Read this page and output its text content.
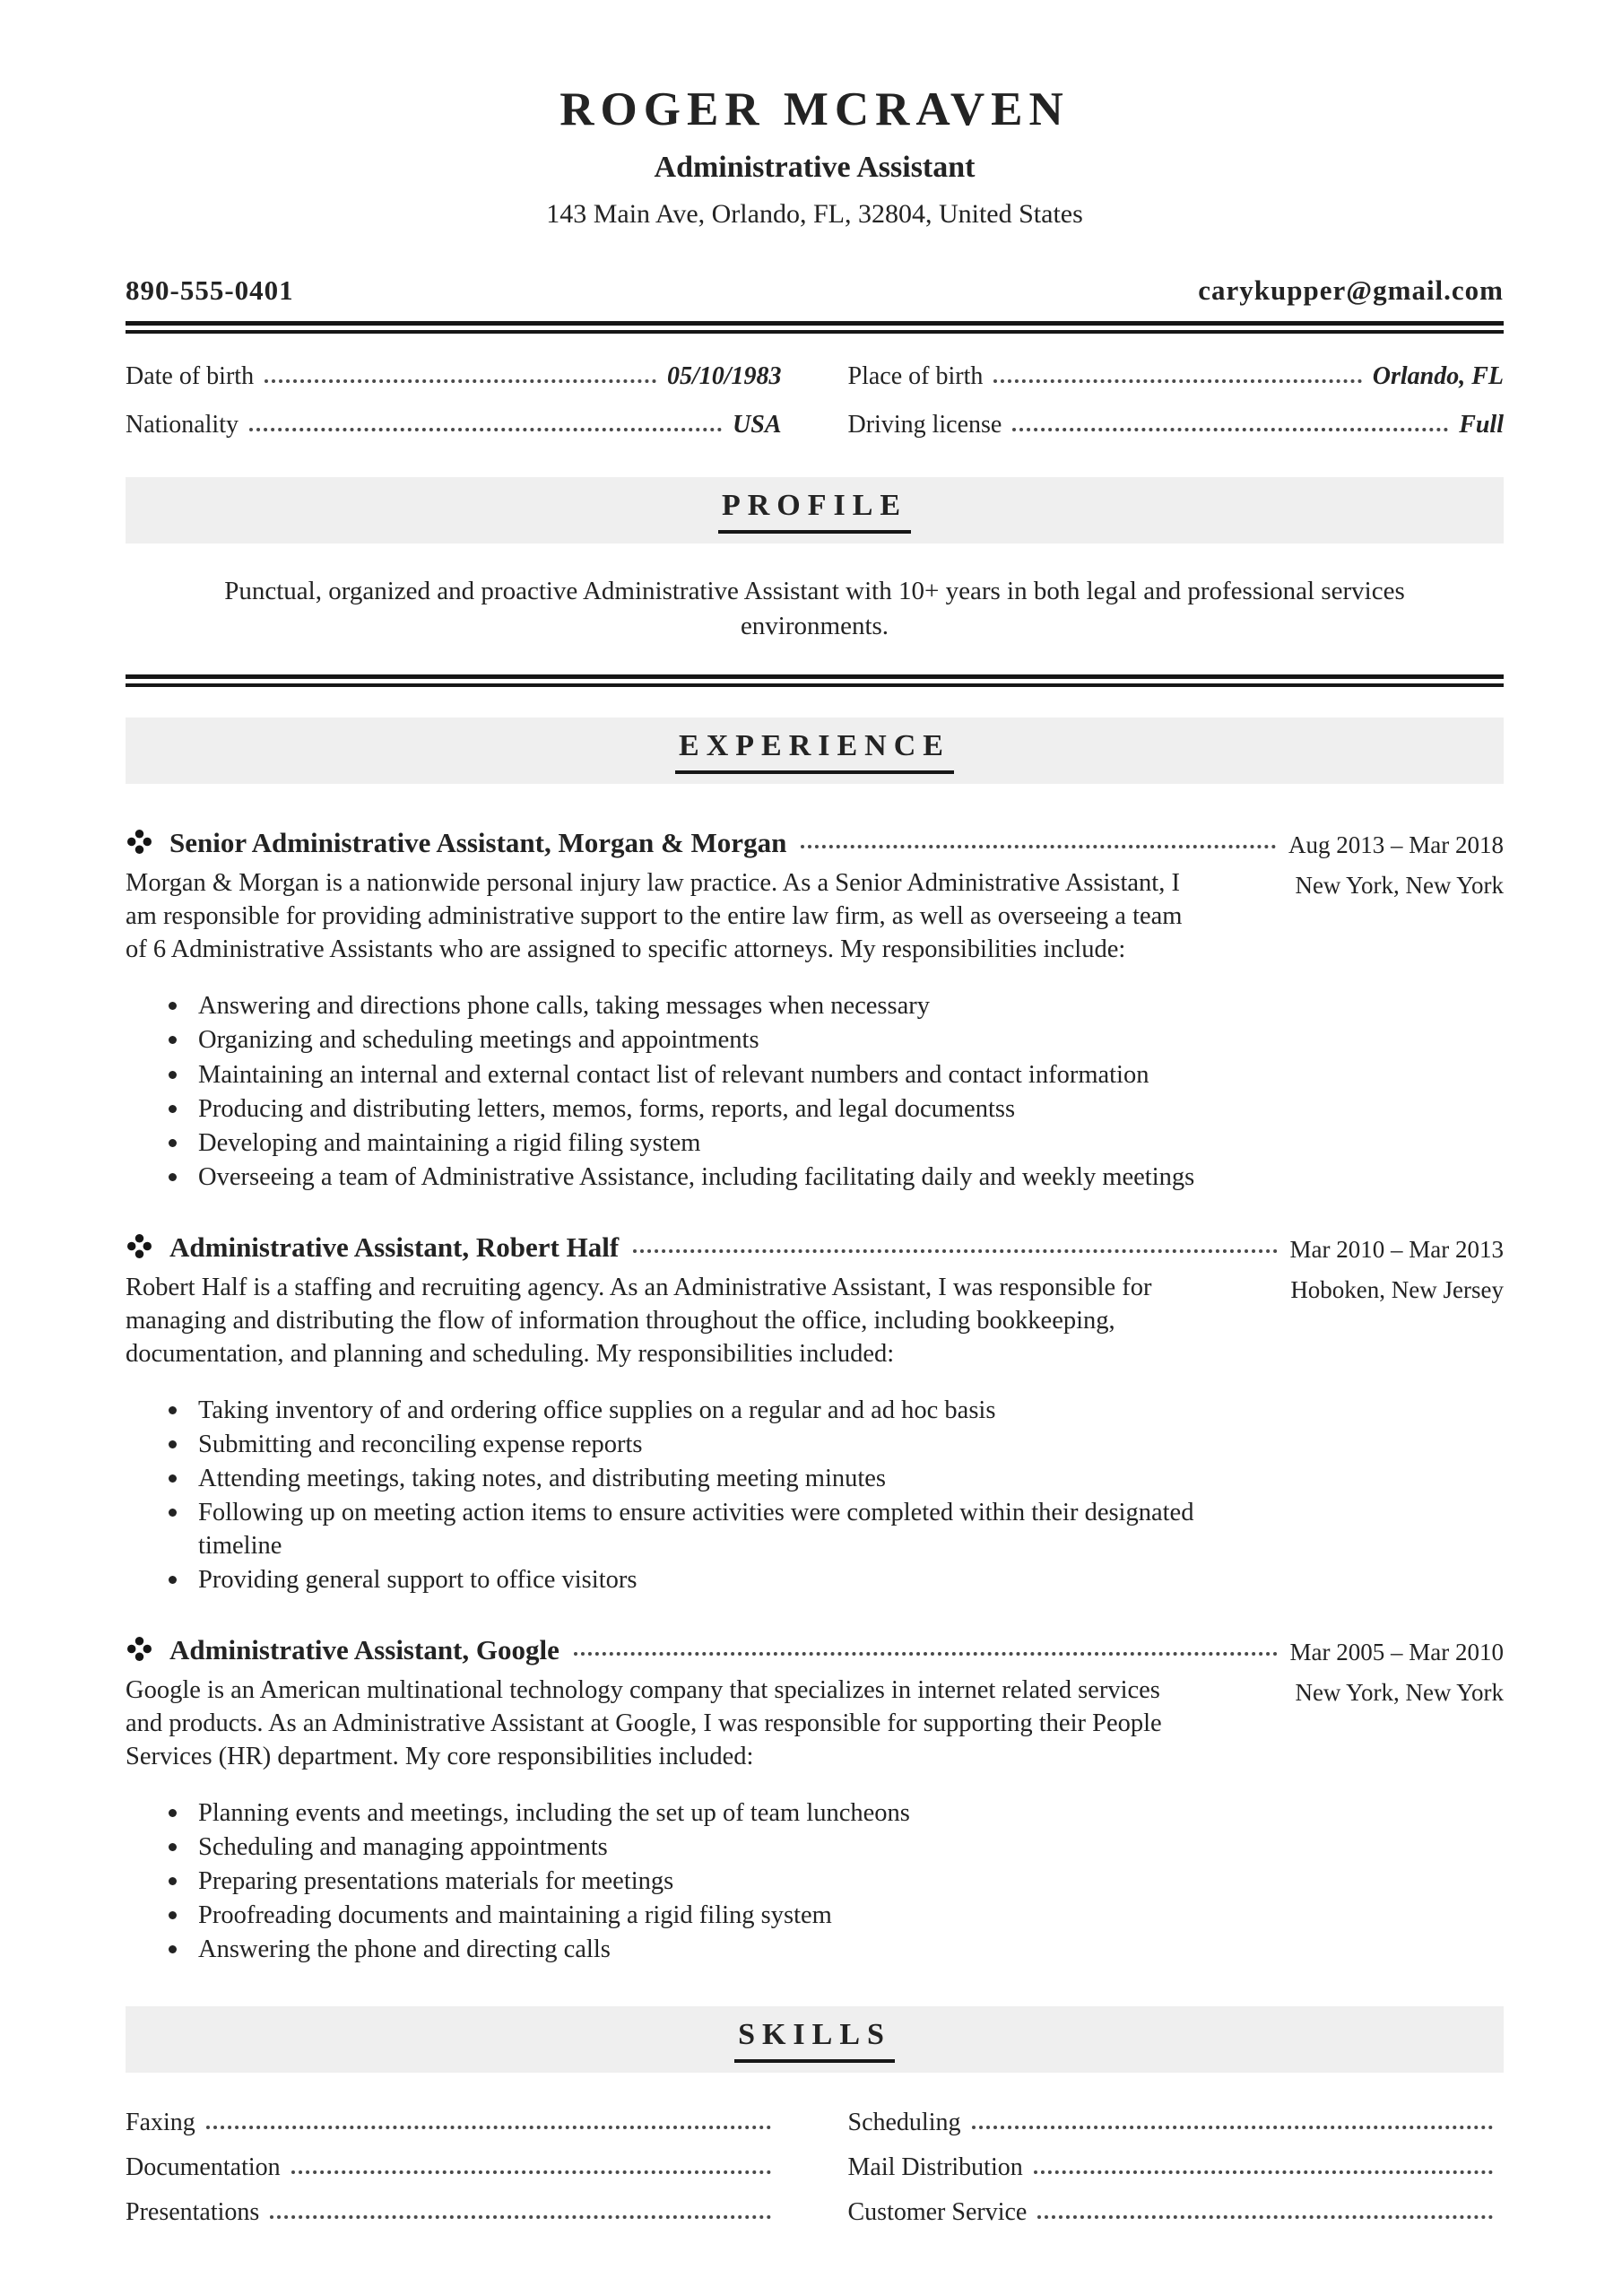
ROGER MCRAVEN
Administrative Assistant
143 Main Ave, Orlando, FL, 32804, United States
890-555-0401	carykupper@gmail.com
Date of birth	05/10/1983	Place of birth	Orlando, FL
Nationality	USA	Driving license	Full
PROFILE

Punctual, organized and proactive Administrative Assistant with 10+ years in both legal and professional services environments.

EXPERIENCE
Senior Administrative Assistant, Morgan & Morgan	Aug 2013 – Mar 2018
New York, New York

Morgan & Morgan is a nationwide personal injury law practice. As a Senior Administrative Assistant, I am responsible for providing administrative support to the entire law firm, as well as overseeing a team of 6 Administrative Assistants who are assigned to specific attorneys. My responsibilities include:

Answering and directions phone calls, taking messages when necessary
Organizing and scheduling meetings and appointments
Maintaining an internal and external contact list of relevant numbers and contact information
Producing and distributing letters, memos, forms, reports, and legal documentss
Developing and maintaining a rigid filing system
Overseeing a team of Administrative Assistance, including facilitating daily and weekly meetings
Administrative Assistant, Robert Half	Mar 2010 – Mar 2013
Hoboken, New Jersey

Robert Half is a staffing and recruiting agency. As an Administrative Assistant, I was responsible for managing and distributing the flow of information throughout the office, including bookkeeping, documentation, and planning and scheduling. My responsibilities included:

Taking inventory of and ordering office supplies on a regular and ad hoc basis
Submitting and reconciling expense reports
Attending meetings, taking notes, and distributing meeting minutes
Following up on meeting action items to ensure activities were completed within their designated timeline
Providing general support to office visitors
Administrative Assistant, Google	Mar 2005 – Mar 2010
New York, New York

Google is an American multinational technology company that specializes in internet related services and products. As an Administrative Assistant at Google, I was responsible for supporting their People Services (HR) department. My core responsibilities included:

Planning events and meetings, including the set up of team luncheons
Scheduling and managing appointments
Preparing presentations materials for meetings
Proofreading documents and maintaining a rigid filing system
Answering the phone and directing calls
SKILLS
Faxing	Scheduling
Documentation	Mail Distribution
Presentations	Customer Service
